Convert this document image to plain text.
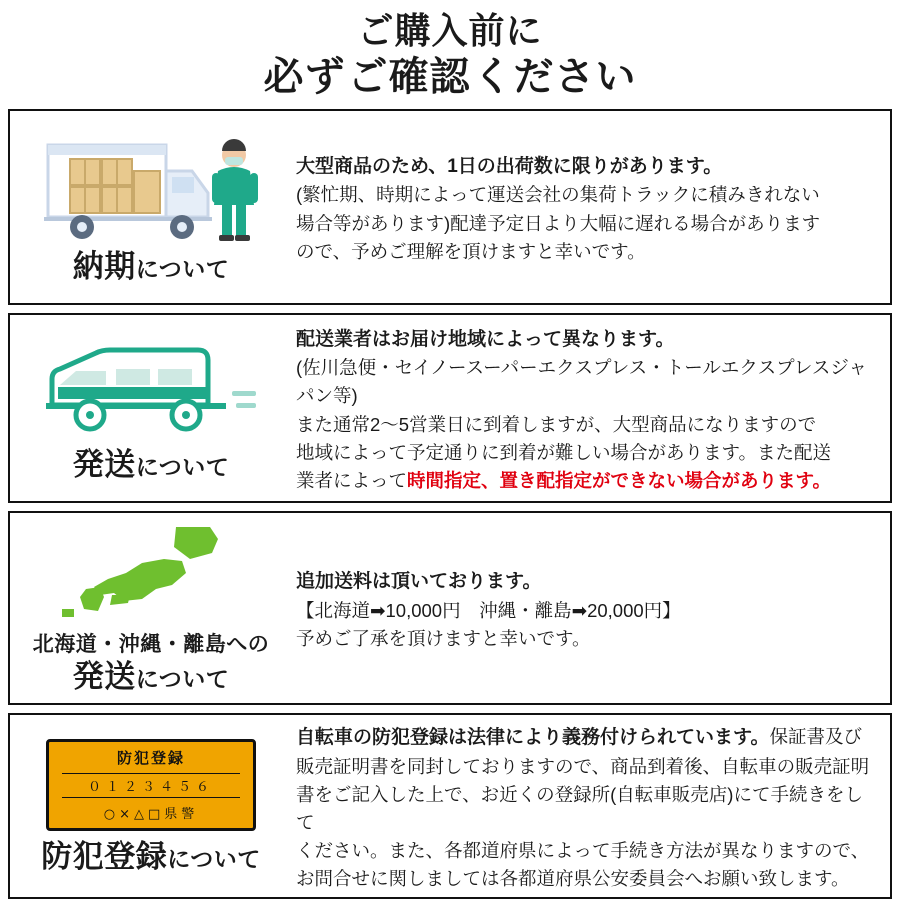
ご購入前に
必ずご確認ください
納期について
大型商品のため、1日の出荷数に限りがあります。
(繁忙期、時期によって運送会社の集荷トラックに積みきれない
場合等があります)配達予定日より大幅に遅れる場合があります
ので、予めご理解を頂けますと幸いです。
発送について
配送業者はお届け地域によって異なります。
(佐川急便・セイノースーパーエクスプレス・トールエクスプレスジャパン等)
また通常2〜5営業日に到着しますが、大型商品になりますので
地域によって予定通りに到着が難しい場合があります。また配送
業者によって時間指定、置き配指定ができない場合があります。
北海道・沖縄・離島への
発送について
追加送料は頂いております。
【北海道➡10,000円　沖縄・離島➡20,000円】
予めご了承を頂けますと幸いです。
防犯登録
０１２３４５６
○×△□県警
防犯登録について
自転車の防犯登録は法律により義務付けられています。保証書及び
販売証明書を同封しておりますので、商品到着後、自転車の販売証明
書をご記入した上で、お近くの登録所(自転車販売店)にて手続きをして
ください。また、各都道府県によって手続き方法が異なりますので、
お問合せに関しましては各都道府県公安委員会へお願い致します。
